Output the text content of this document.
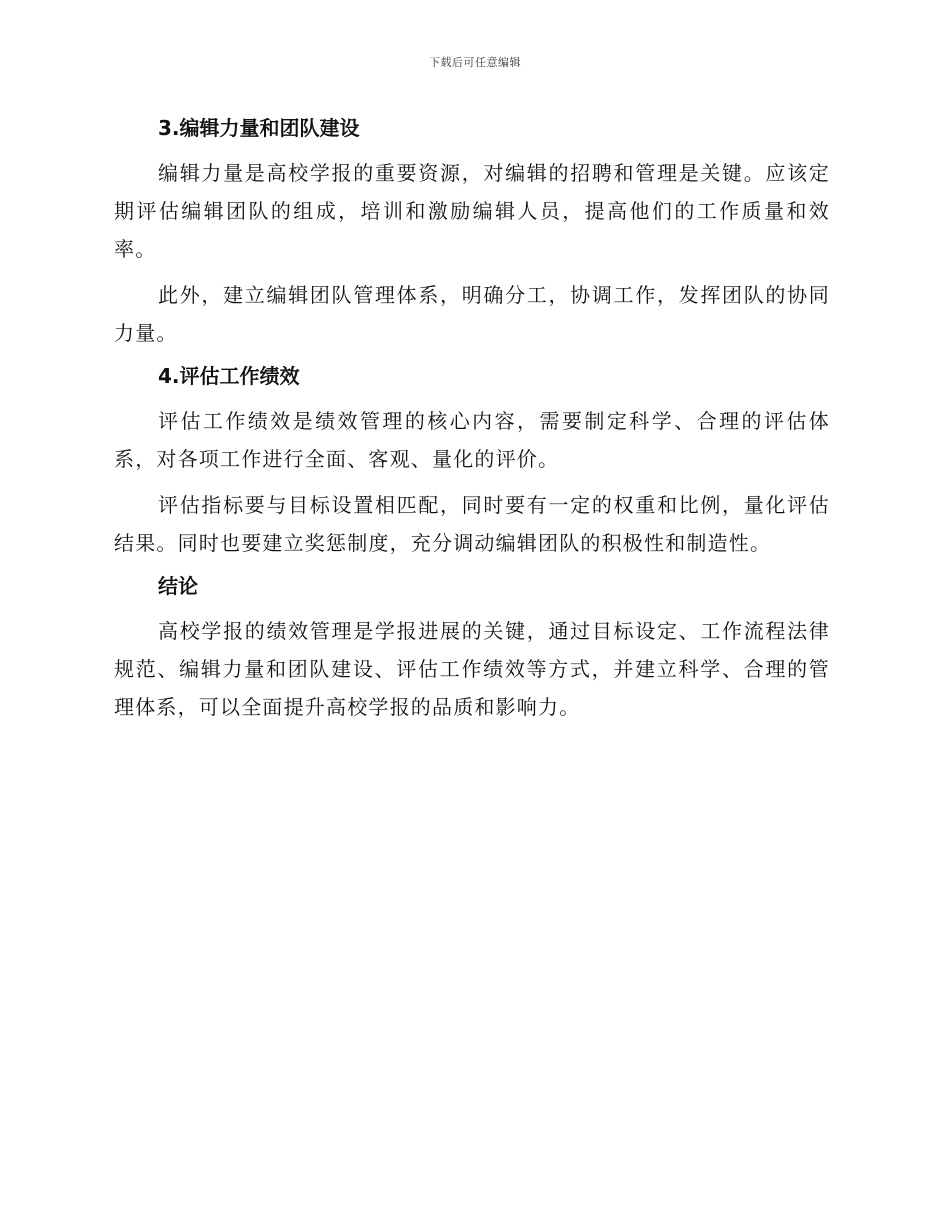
下载后可任意编辑
3.编辑力量和团队建设

编辑力量是高校学报的重要资源，对编辑的招聘和管理是关键。应该定期评估编辑团队的组成，培训和激励编辑人员，提高他们的工作质量和效率。

此外，建立编辑团队管理体系，明确分工，协调工作，发挥团队的协同力量。

4.评估工作绩效

评估工作绩效是绩效管理的核心内容，需要制定科学、合理的评估体系，对各项工作进行全面、客观、量化的评价。

评估指标要与目标设置相匹配，同时要有一定的权重和比例，量化评估结果。同时也要建立奖惩制度，充分调动编辑团队的积极性和制造性。

结论

高校学报的绩效管理是学报进展的关键，通过目标设定、工作流程法律规范、编辑力量和团队建设、评估工作绩效等方式，并建立科学、合理的管理体系，可以全面提升高校学报的品质和影响力。
